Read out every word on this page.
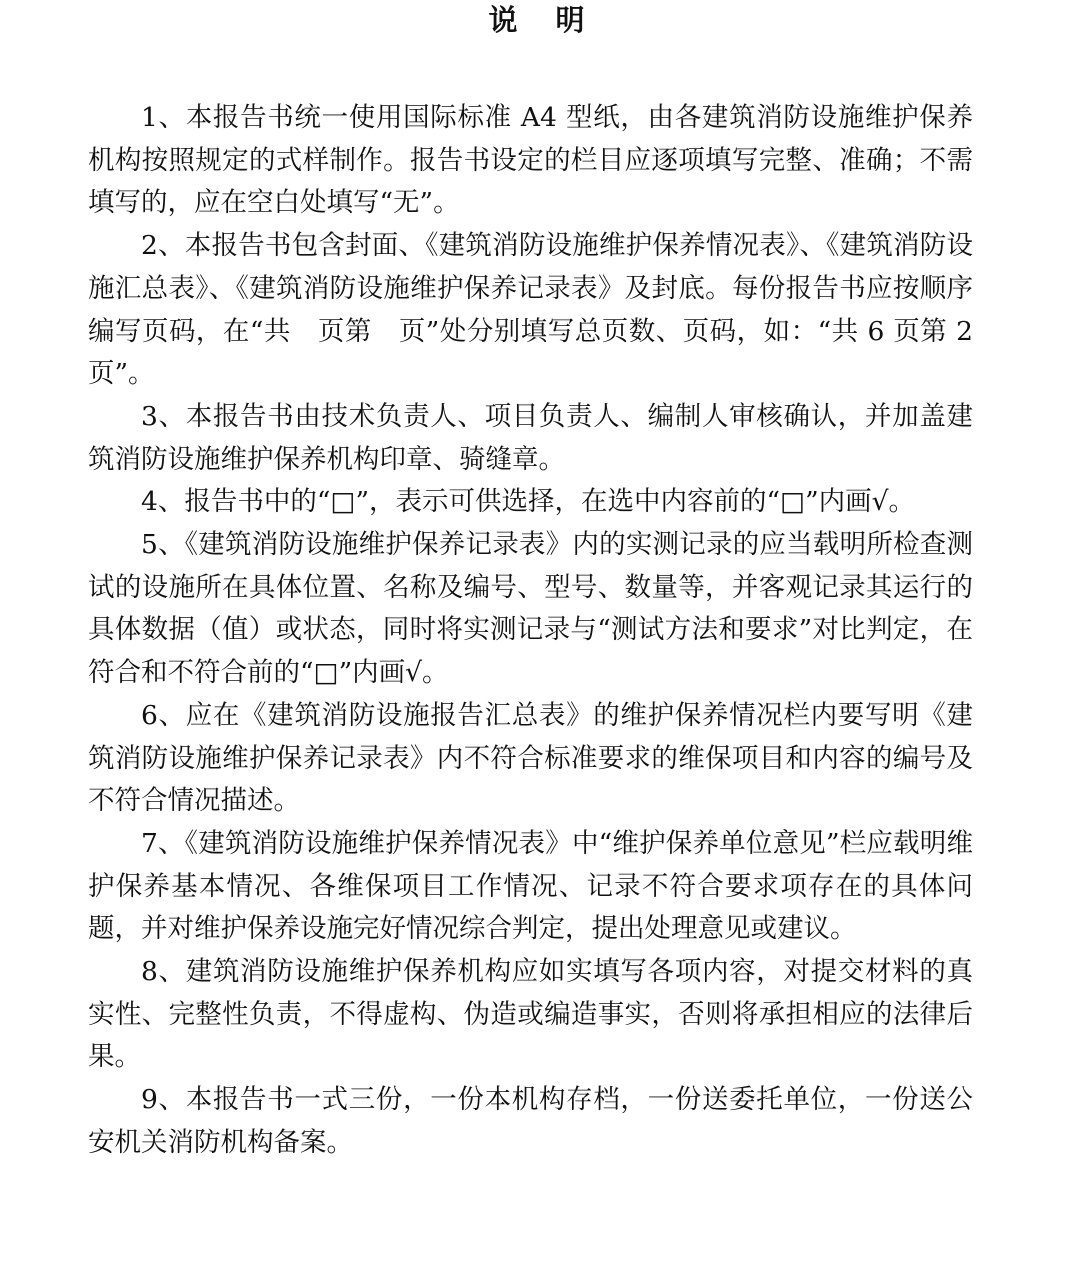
说 明

1、本报告书统一使用国际标准 A4 型纸，由各建筑消防设施维护保养机构按照规定的式样制作。报告书设定的栏目应逐项填写完整、准确；不需填写的，应在空白处填写“无”。

2、本报告书包含封面、《建筑消防设施维护保养情况表》、《建筑消防设施汇总表》、《建筑消防设施维护保养记录表》及封底。每份报告书应按顺序编写页码，在“共　页第　页”处分别填写总页数、页码，如：“共 6 页第 2 页”。

3、本报告书由技术负责人、项目负责人、编制人审核确认，并加盖建筑消防设施维护保养机构印章、骑缝章。

4、报告书中的“□”，表示可供选择，在选中内容前的“□”内画√。

5、《建筑消防设施维护保养记录表》内的实测记录的应当载明所检查测试的设施所在具体位置、名称及编号、型号、数量等，并客观记录其运行的具体数据（值）或状态，同时将实测记录与“测试方法和要求”对比判定，在符合和不符合前的“□”内画√。

6、应在《建筑消防设施报告汇总表》的维护保养情况栏内要写明《建筑消防设施维护保养记录表》内不符合标准要求的维保项目和内容的编号及不符合情况描述。

7、《建筑消防设施维护保养情况表》中“维护保养单位意见”栏应载明维护保养基本情况、各维保项目工作情况、记录不符合要求项存在的具体问题，并对维护保养设施完好情况综合判定，提出处理意见或建议。

8、建筑消防设施维护保养机构应如实填写各项内容，对提交材料的真实性、完整性负责，不得虚构、伪造或编造事实，否则将承担相应的法律后果。

9、本报告书一式三份，一份本机构存档，一份送委托单位，一份送公安机关消防机构备案。
